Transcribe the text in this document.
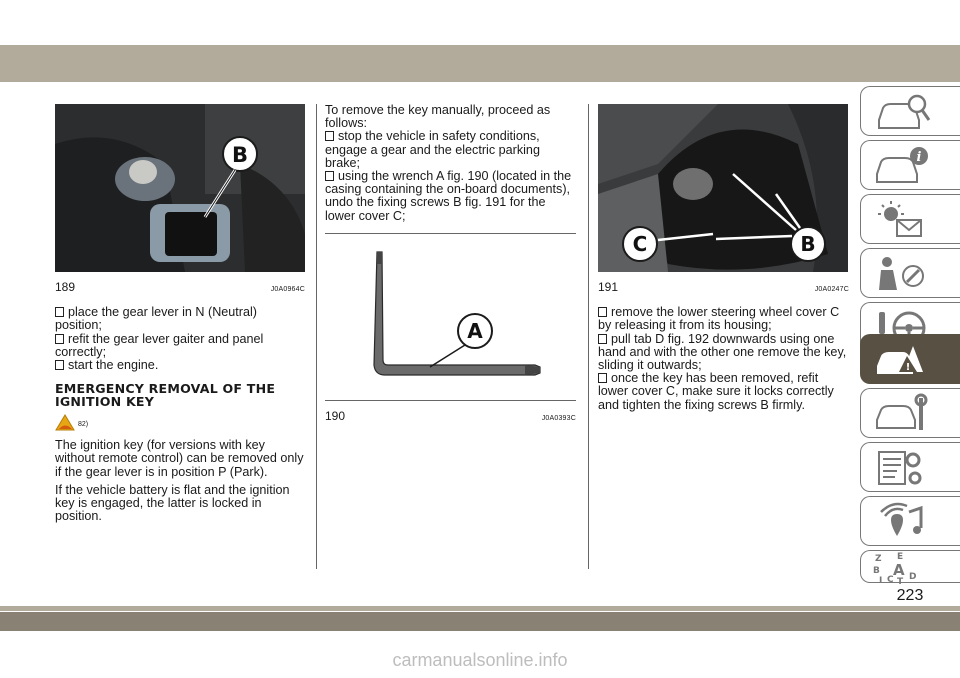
B
189	J0A0964C

place the gear lever in N (Neutral) position;

refit the gear lever gaiter and panel correctly;

start the engine.

EMERGENCY REMOVAL OF THE IGNITION KEY
82)

The ignition key (for versions with key without remote control) can be removed only if the gear lever is in position P (Park).

If the vehicle battery is flat and the ignition key is engaged, the latter is locked in position.

To remove the key manually, proceed as follows:

stop the vehicle in safety conditions, engage a gear and the electric parking brake;

using the wrench A fig. 190 (located in the casing containing the on-board documents), undo the fixing screws B fig. 191 for the lower cover C;

A
190	J0A0393C
C	B
191	J0A0247C

remove the lower steering wheel cover C by releasing it from its housing;

pull tab D fig. 192 downwards using one hand and with the other one remove the key, sliding it outwards;

once the key has been removed, refit lower cover C, make sure it locks correctly and tighten the fixing screws B firmly.

i
!
Z E
B A
I C T D
223
carmanualsonline.info
